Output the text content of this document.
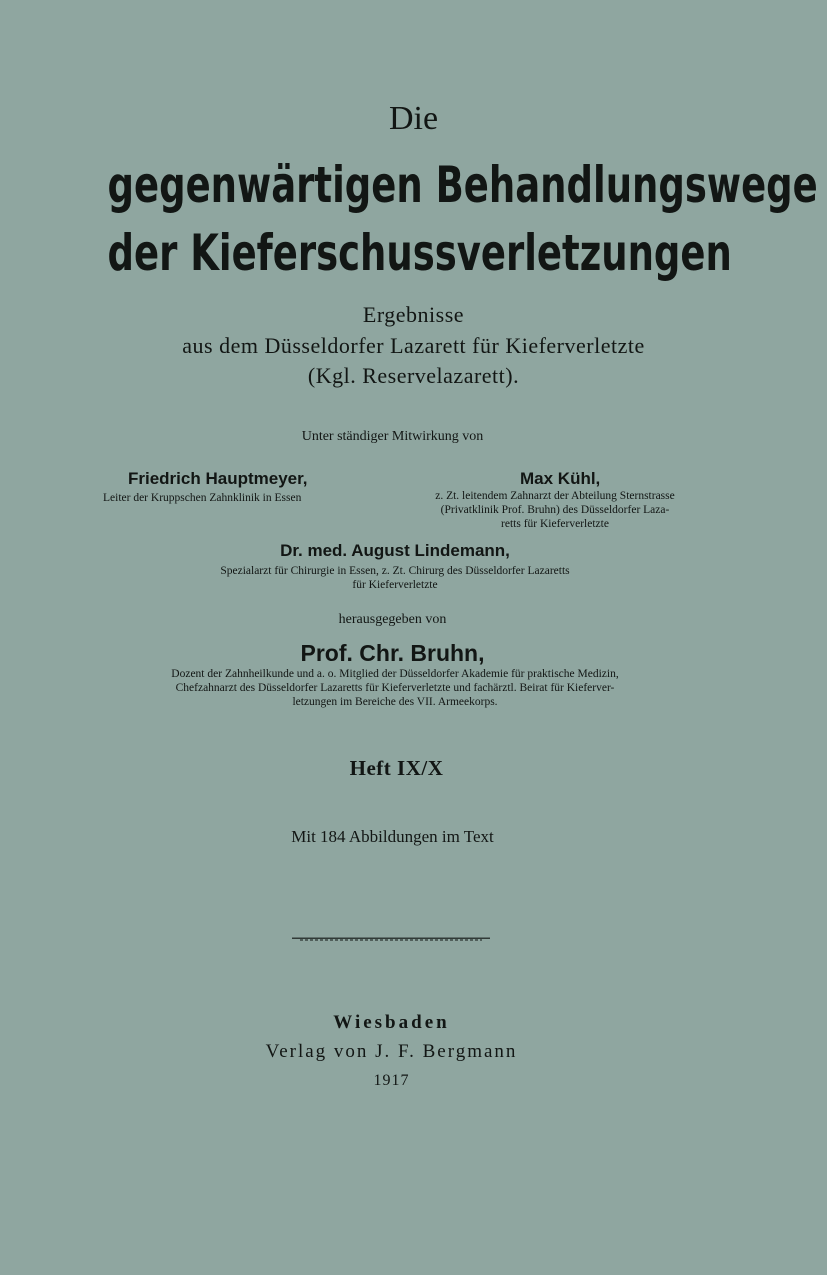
Die
gegenwärtigen Behandlungswege
der Kieferschussverletzungen
Ergebnisse
aus dem Düsseldorfer Lazarett für Kieferverletzte
(Kgl. Reservelazarett).
Unter ständiger Mitwirkung von
Friedrich Hauptmeyer,
Leiter der Kruppschen Zahnklinik in Essen
Max Kühl,
z. Zt. leitendem Zahnarzt der Abteilung Sternstrasse
(Privatklinik Prof. Bruhn) des Düsseldorfer Laza-
retts für Kieferverletzte
Dr. med. August Lindemann,
Spezialarzt für Chirurgie in Essen, z. Zt. Chirurg des Düsseldorfer Lazaretts
für Kieferverletzte
herausgegeben von
Prof. Chr. Bruhn,
Dozent der Zahnheilkunde und a. o. Mitglied der Düsseldorfer Akademie für praktische Medizin,
Chefzahnarzt des Düsseldorfer Lazaretts für Kieferverletzte und fachärztl. Beirat für Kieferver-
letzungen im Bereiche des VII. Armeekorps.
Heft IX/X
Mit 184 Abbildungen im Text
Wiesbaden
Verlag von J. F. Bergmann
1917
